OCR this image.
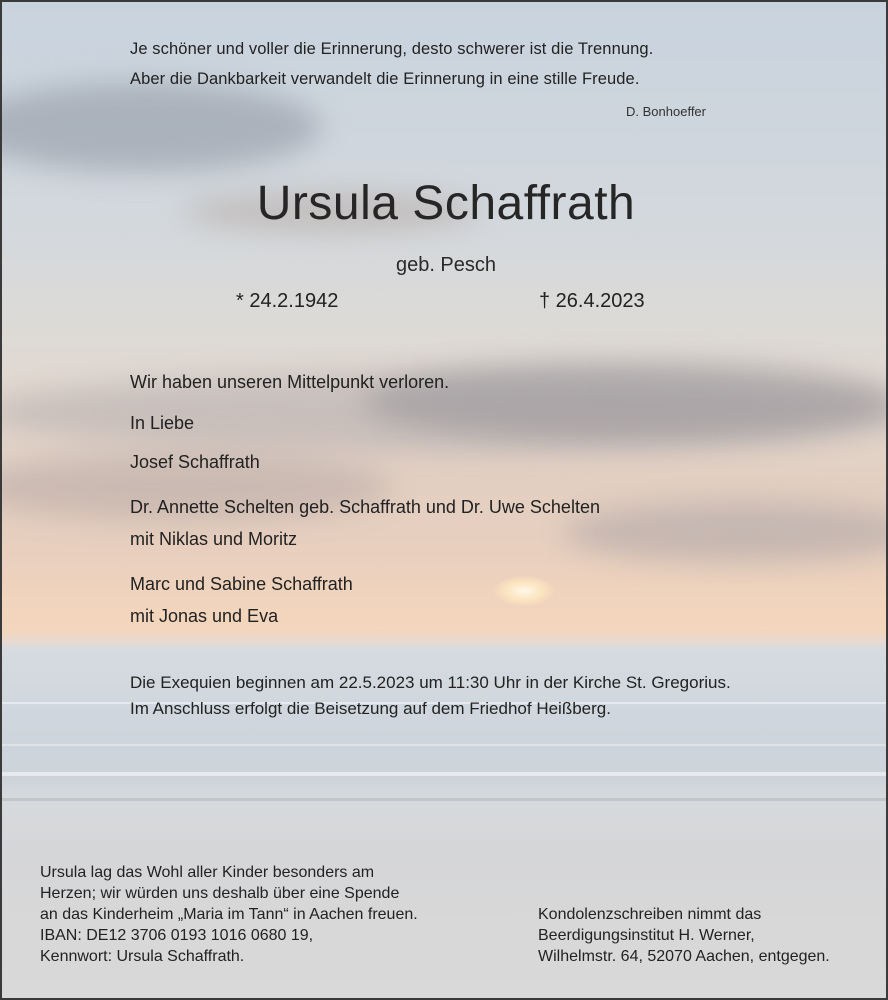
Je schöner und voller die Erinnerung, desto schwerer ist die Trennung.
Aber die Dankbarkeit verwandelt die Erinnerung in eine stille Freude.
D. Bonhoeffer
Ursula Schaffrath
geb. Pesch
* 24.2.1942	† 26.4.2023
Wir haben unseren Mittelpunkt verloren.
In Liebe
Josef Schaffrath
Dr. Annette Schelten geb. Schaffrath und Dr. Uwe Schelten
mit Niklas und Moritz
Marc und Sabine Schaffrath
mit Jonas und Eva
Die Exequien beginnen am 22.5.2023 um 11:30 Uhr in der Kirche St. Gregorius.
Im Anschluss erfolgt die Beisetzung auf dem Friedhof Heißberg.
Ursula lag das Wohl aller Kinder besonders am
Herzen; wir würden uns deshalb über eine Spende
an das Kinderheim „Maria im Tann“ in Aachen freuen.
IBAN: DE12 3706 0193 1016 0680 19,
Kennwort: Ursula Schaffrath.
Kondolenzschreiben nimmt das
Beerdigungsinstitut H. Werner,
Wilhelmstr. 64, 52070 Aachen, entgegen.
